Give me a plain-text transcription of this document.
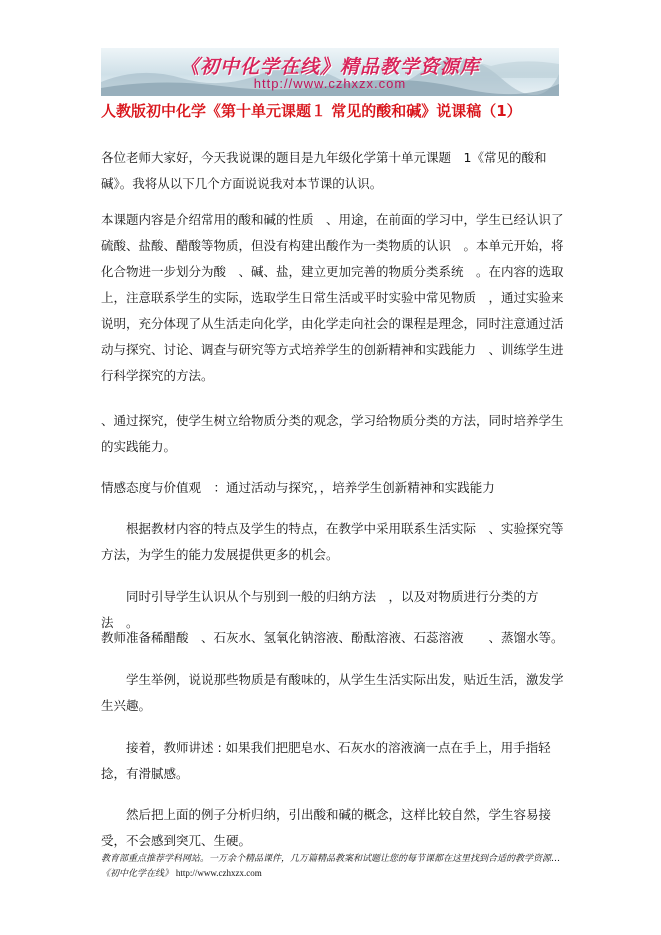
《初中化学在线》精品教学资源库
http://www.czhxzx.com
人教版初中化学《第十单元课题１ 常见的酸和碱》说课稿（1）

各位老师大家好，今天我说课的题目是九年级化学第十单元课题　1《常见的酸和碱》。我将从以下几个方面说说我对本节课的认识。

本课题内容是介绍常用的酸和碱的性质　、用途，在前面的学习中，学生已经认识了硫酸、盐酸、醋酸等物质，但没有构建出酸作为一类物质的认识　。本单元开始，将化合物进一步划分为酸　、碱、盐，建立更加完善的物质分类系统　。在内容的选取上，注意联系学生的实际，选取学生日常生活或平时实验中常见物质　，通过实验来说明，充分体现了从生活走向化学，由化学走向社会的课程是理念，同时注意通过活动与探究、讨论、调查与研究等方式培养学生的创新精神和实践能力　、训练学生进行科学探究的方法。

、通过探究，使学生树立给物质分类的观念，学习给物质分类的方法，同时培养学生的实践能力。

情感态度与价值观　：通过活动与探究，，培养学生创新精神和实践能力

根据教材内容的特点及学生的特点，在教学中采用联系生活实际　、实验探究等方法，为学生的能力发展提供更多的机会。

同时引导学生认识从个与别到一般的归纳方法　，以及对物质进行分类的方法　。

教师准备稀醋酸　、石灰水、氢氧化钠溶液、酚酞溶液、石蕊溶液　　、蒸馏水等。

学生举例，说说那些物质是有酸味的，从学生生活实际出发，贴近生活，激发学生兴趣。

接着，教师讲述 : 如果我们把肥皂水、石灰水的溶液滴一点在手上，用手指轻捻，有滑腻感。

然后把上面的例子分析归纳，引出酸和碱的概念，这样比较自然，学生容易接受，不会感到突兀、生硬。

教育部重点推荐学科网站。一万余个精品课件，几万篇精品教案和试题让您的每节课都在这里找到合适的教学资源…《初中化学在线》 http://www.czhxzx.com
